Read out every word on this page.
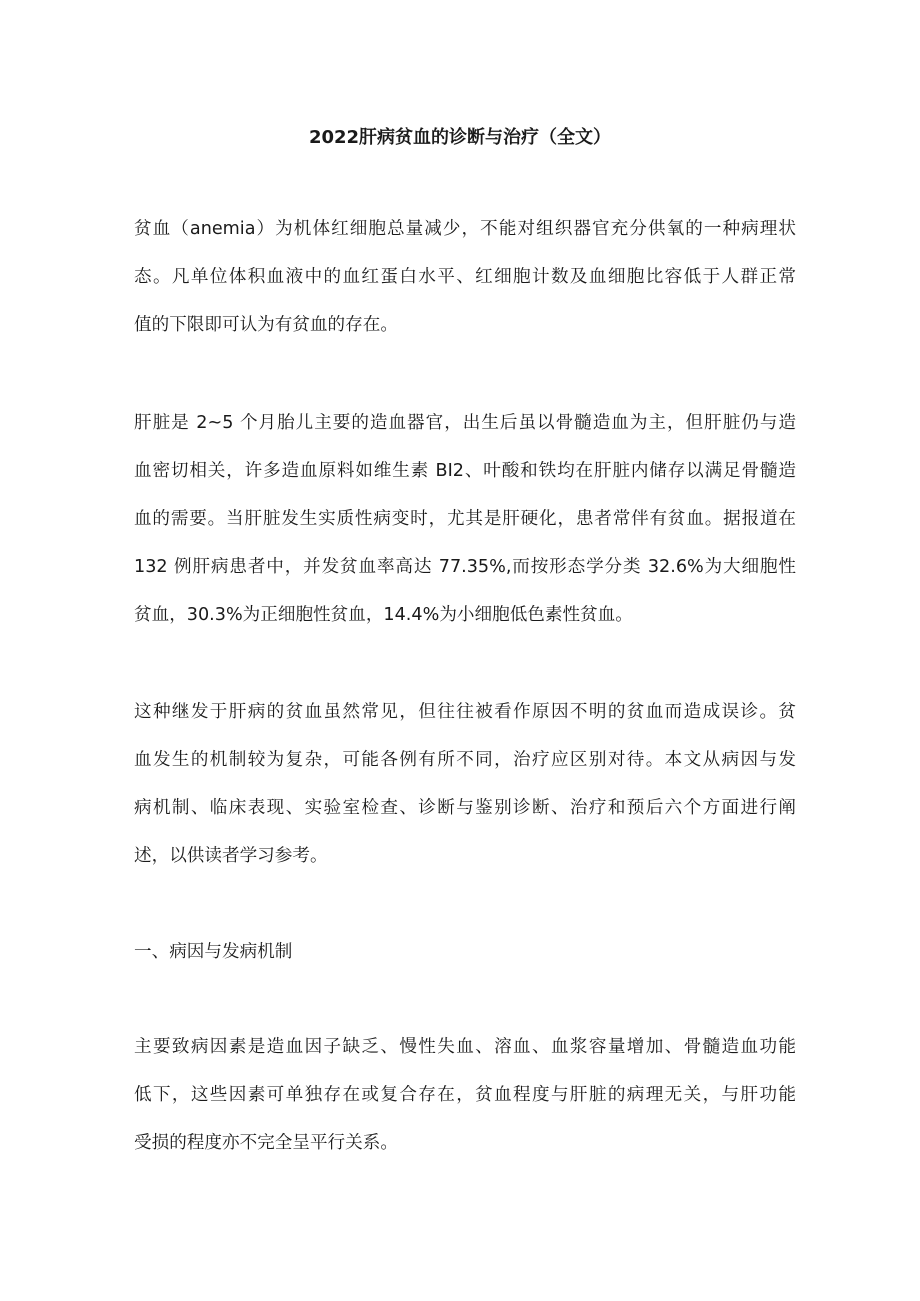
2022肝病贫血的诊断与治疗（全文）
贫血（anemia）为机体红细胞总量减少，不能对组织器官充分供氧的一种病理状
态。凡单位体积血液中的血红蛋白水平、红细胞计数及血细胞比容低于人群正常
值的下限即可认为有贫血的存在。
肝脏是 2~5 个月胎儿主要的造血器官，出生后虽以骨髓造血为主，但肝脏仍与造
血密切相关，许多造血原料如维生素 BI2、叶酸和铁均在肝脏内储存以满足骨髓造
血的需要。当肝脏发生实质性病变时，尤其是肝硬化，患者常伴有贫血。据报道在
132 例肝病患者中，并发贫血率高达 77.35%,而按形态学分类 32.6%为大细胞性
贫血，30.3%为正细胞性贫血，14.4%为小细胞低色素性贫血。
这种继发于肝病的贫血虽然常见，但往往被看作原因不明的贫血而造成误诊。贫
血发生的机制较为复杂，可能各例有所不同，治疗应区别对待。本文从病因与发
病机制、临床表现、实验室检查、诊断与鉴别诊断、治疗和预后六个方面进行阐
述，以供读者学习参考。
一、病因与发病机制
主要致病因素是造血因子缺乏、慢性失血、溶血、血浆容量增加、骨髓造血功能
低下，这些因素可单独存在或复合存在，贫血程度与肝脏的病理无关，与肝功能
受损的程度亦不完全呈平行关系。
